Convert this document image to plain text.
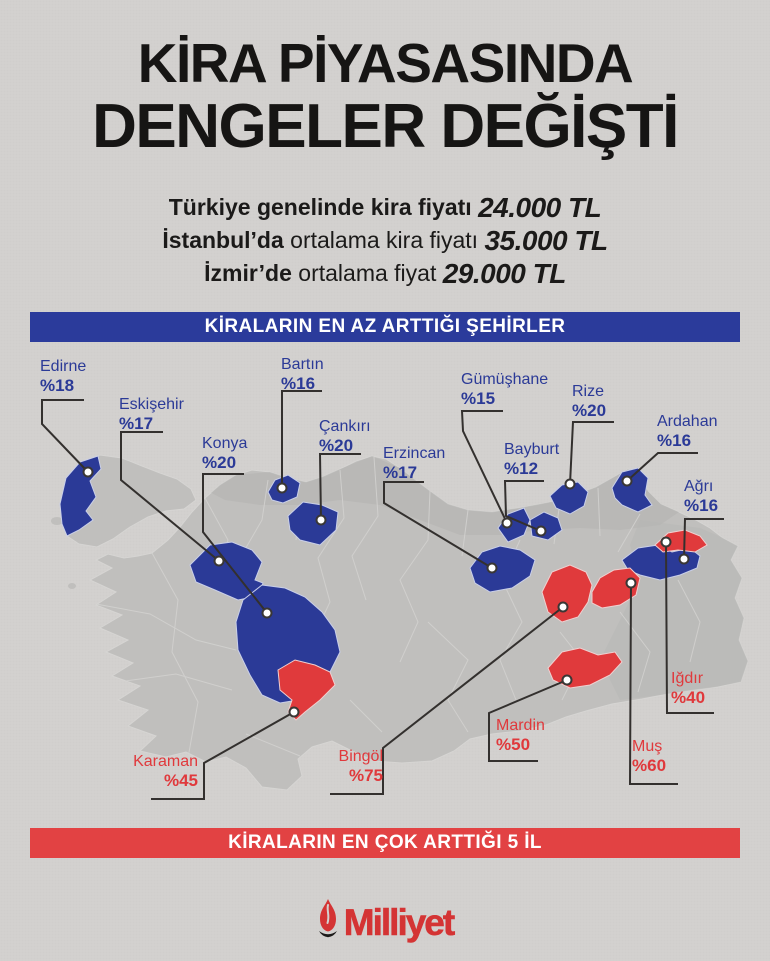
KİRA PİYASASINDA
DENGELER DEĞİŞTİ
Türkiye genelinde kira fiyatı 24.000 TL
İstanbul’da ortalama kira fiyatı 35.000 TL
İzmir’de ortalama fiyat 29.000 TL
KİRALARIN EN AZ ARTTIĞI ŞEHİRLER
KİRALARIN EN ÇOK ARTTIĞI 5 İL
Edirne
%18
Eskişehir
%17
Konya
%20
Bartın
%16
Çankırı
%20	Erzincan
%17
Gümüşhane
%15	Rize
%20
Bayburt
%12
Ardahan
%16
Ağrı
%16
Iğdır
%40
Muş
%60
Mardin
%50
Bingöl
%75
Karaman
%45
Milliyet
